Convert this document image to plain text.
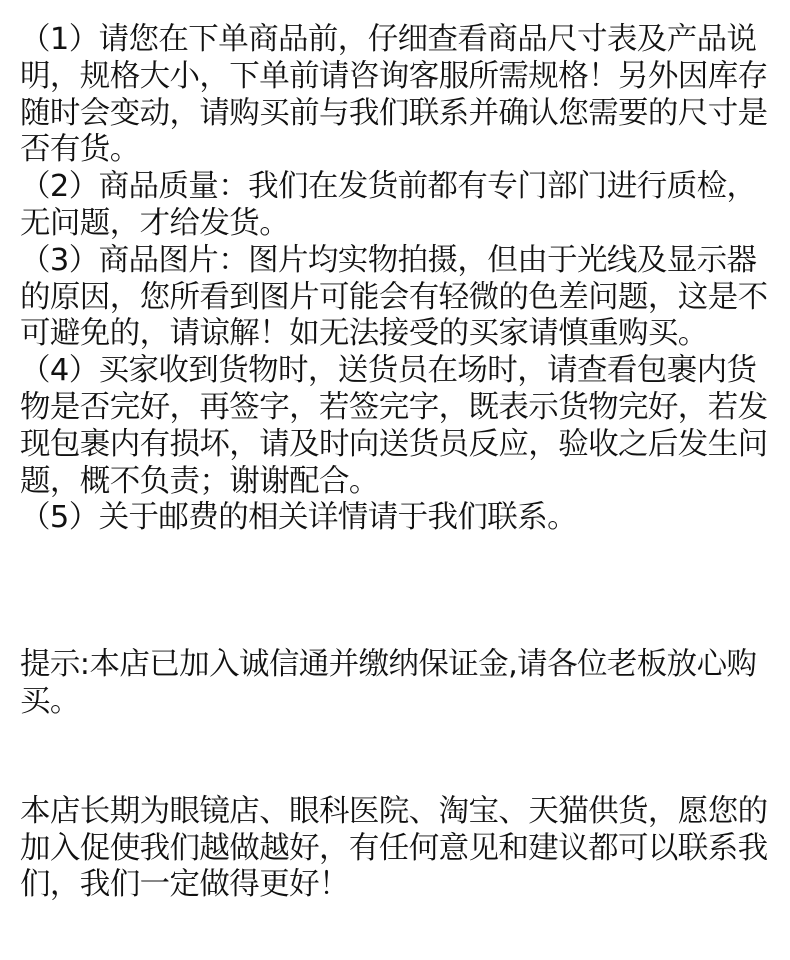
（1）请您在下单商品前，仔细查看商品尺寸表及产品说明，规格大小，下单前请咨询客服所需规格！另外因库存随时会变动，请购买前与我们联系并确认您需要的尺寸是否有货。

（2）商品质量：我们在发货前都有专门部门进行质检，无问题，才给发货。

（3）商品图片：图片均实物拍摄，但由于光线及显示器的原因，您所看到图片可能会有轻微的色差问题，这是不可避免的，请谅解！如无法接受的买家请慎重购买。

（4）买家收到货物时，送货员在场时，请查看包裹内货物是否完好，再签字，若签完字，既表示货物完好，若发现包裹内有损坏，请及时向送货员反应，验收之后发生问题，概不负责；谢谢配合。

（5）关于邮费的相关详情请于我们联系。

提示:本店已加入诚信通并缴纳保证金,请各位老板放心购买。

本店长期为眼镜店、眼科医院、淘宝、天猫供货，愿您的加入促使我们越做越好，有任何意见和建议都可以联系我们，我们一定做得更好！
